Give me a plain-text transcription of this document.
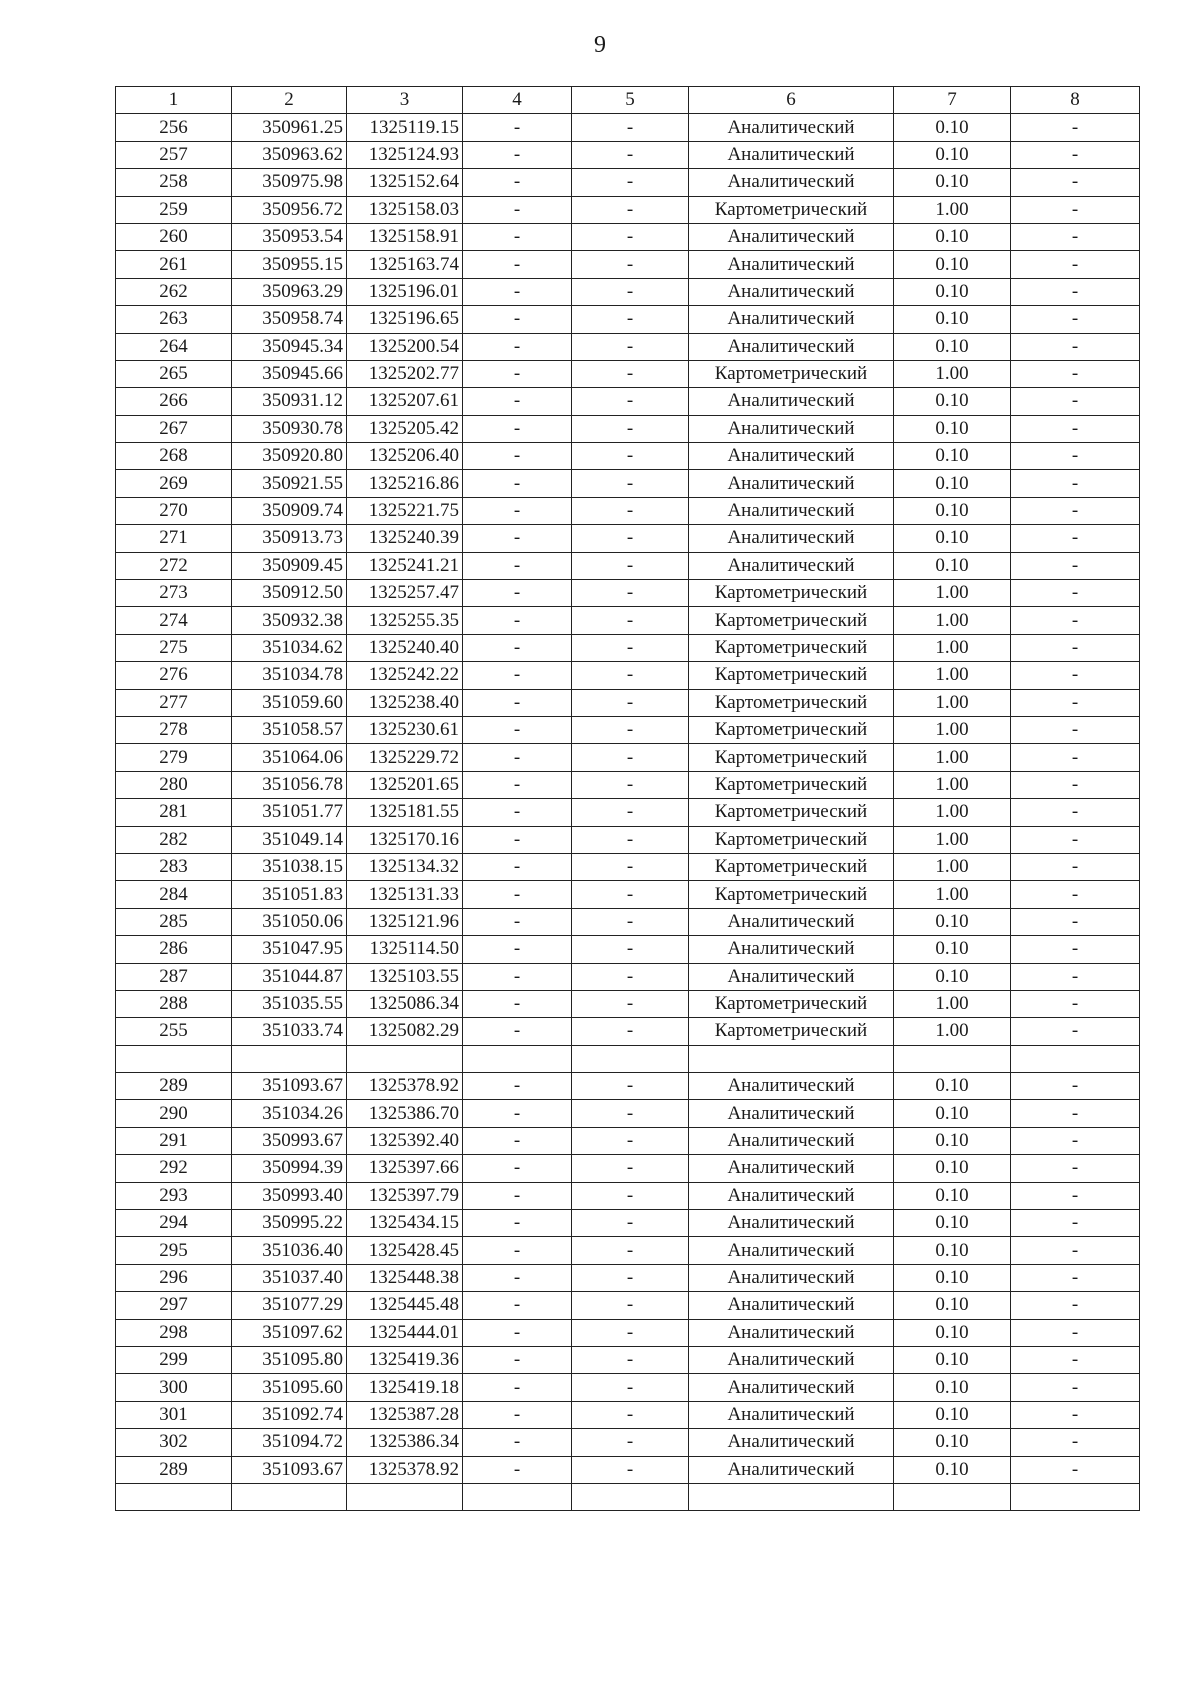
9
1	2	3	4	5	6	7	8
256	350961.25	1325119.15	-	-	Аналитический	0.10	-
257	350963.62	1325124.93	-	-	Аналитический	0.10	-
258	350975.98	1325152.64	-	-	Аналитический	0.10	-
259	350956.72	1325158.03	-	-	Картометрический	1.00	-
260	350953.54	1325158.91	-	-	Аналитический	0.10	-
261	350955.15	1325163.74	-	-	Аналитический	0.10	-
262	350963.29	1325196.01	-	-	Аналитический	0.10	-
263	350958.74	1325196.65	-	-	Аналитический	0.10	-
264	350945.34	1325200.54	-	-	Аналитический	0.10	-
265	350945.66	1325202.77	-	-	Картометрический	1.00	-
266	350931.12	1325207.61	-	-	Аналитический	0.10	-
267	350930.78	1325205.42	-	-	Аналитический	0.10	-
268	350920.80	1325206.40	-	-	Аналитический	0.10	-
269	350921.55	1325216.86	-	-	Аналитический	0.10	-
270	350909.74	1325221.75	-	-	Аналитический	0.10	-
271	350913.73	1325240.39	-	-	Аналитический	0.10	-
272	350909.45	1325241.21	-	-	Аналитический	0.10	-
273	350912.50	1325257.47	-	-	Картометрический	1.00	-
274	350932.38	1325255.35	-	-	Картометрический	1.00	-
275	351034.62	1325240.40	-	-	Картометрический	1.00	-
276	351034.78	1325242.22	-	-	Картометрический	1.00	-
277	351059.60	1325238.40	-	-	Картометрический	1.00	-
278	351058.57	1325230.61	-	-	Картометрический	1.00	-
279	351064.06	1325229.72	-	-	Картометрический	1.00	-
280	351056.78	1325201.65	-	-	Картометрический	1.00	-
281	351051.77	1325181.55	-	-	Картометрический	1.00	-
282	351049.14	1325170.16	-	-	Картометрический	1.00	-
283	351038.15	1325134.32	-	-	Картометрический	1.00	-
284	351051.83	1325131.33	-	-	Картометрический	1.00	-
285	351050.06	1325121.96	-	-	Аналитический	0.10	-
286	351047.95	1325114.50	-	-	Аналитический	0.10	-
287	351044.87	1325103.55	-	-	Аналитический	0.10	-
288	351035.55	1325086.34	-	-	Картометрический	1.00	-
255	351033.74	1325082.29	-	-	Картометрический	1.00	-

289	351093.67	1325378.92	-	-	Аналитический	0.10	-
290	351034.26	1325386.70	-	-	Аналитический	0.10	-
291	350993.67	1325392.40	-	-	Аналитический	0.10	-
292	350994.39	1325397.66	-	-	Аналитический	0.10	-
293	350993.40	1325397.79	-	-	Аналитический	0.10	-
294	350995.22	1325434.15	-	-	Аналитический	0.10	-
295	351036.40	1325428.45	-	-	Аналитический	0.10	-
296	351037.40	1325448.38	-	-	Аналитический	0.10	-
297	351077.29	1325445.48	-	-	Аналитический	0.10	-
298	351097.62	1325444.01	-	-	Аналитический	0.10	-
299	351095.80	1325419.36	-	-	Аналитический	0.10	-
300	351095.60	1325419.18	-	-	Аналитический	0.10	-
301	351092.74	1325387.28	-	-	Аналитический	0.10	-
302	351094.72	1325386.34	-	-	Аналитический	0.10	-
289	351093.67	1325378.92	-	-	Аналитический	0.10	-
